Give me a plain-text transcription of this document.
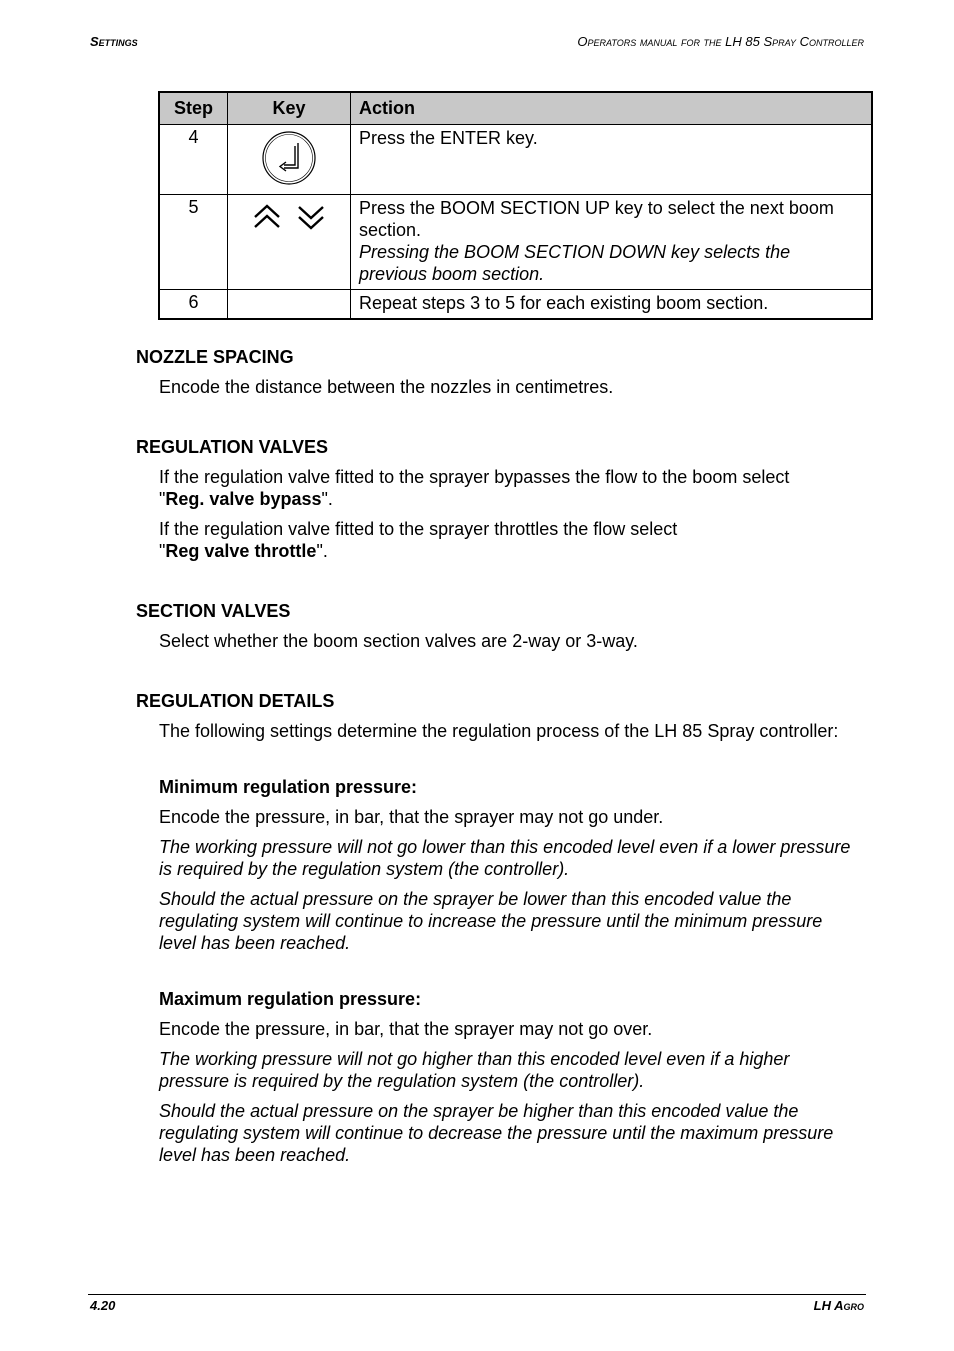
Settings	Operators manual for the LH 85 Spray Controller
Step	Key	Action
4		Press the ENTER key.
5		Press the BOOM SECTION UP key to select the next boom section.
Pressing the BOOM SECTION DOWN key selects the previous boom section.

6		Repeat steps 3 to 5 for each existing boom section.
NOZZLE SPACING

Encode the distance between the nozzles in centimetres.

REGULATION VALVES

If the regulation valve fitted to the sprayer bypasses the flow to the boom select
"Reg. valve bypass".

If the regulation valve fitted to the sprayer throttles the flow select
"Reg valve throttle".

SECTION VALVES

Select whether the boom section valves are 2-way or 3-way.

REGULATION DETAILS

The following settings determine the regulation process of the LH 85 Spray controller:

Minimum regulation pressure:

Encode the pressure, in bar, that the sprayer may not go under.

The working pressure will not go lower than this encoded level even if a lower pressure is required by the regulation system (the controller).

Should the actual pressure on the sprayer be lower than this encoded value the regulating system will continue to increase the pressure until the minimum pressure level has been reached.

Maximum regulation pressure:

Encode the pressure, in bar, that the sprayer may not go over.

The working pressure will not go higher than this encoded level even if a higher pressure is required by the regulation system (the controller).

Should the actual pressure on the sprayer be higher than this encoded value the regulating system will continue to decrease the pressure until the maximum pressure level has been reached.

4.20	LH Agro
